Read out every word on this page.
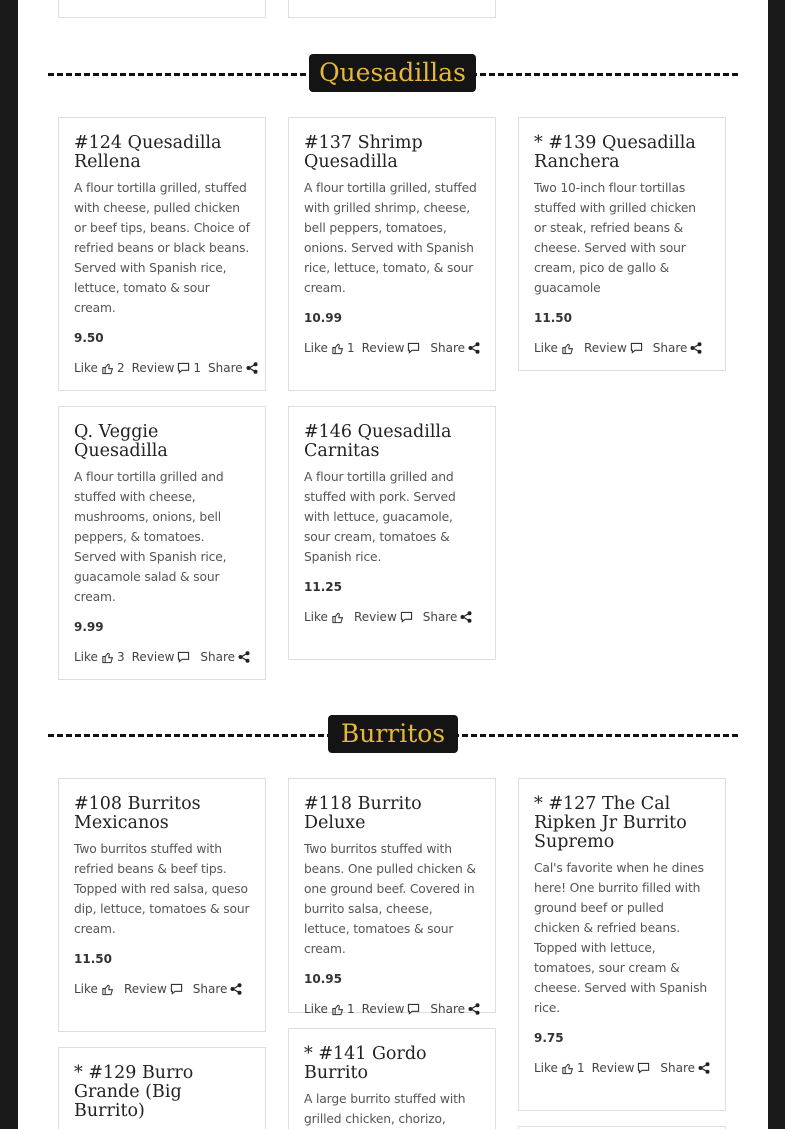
Quesadillas
#124 Quesadilla Rellena
A flour tortilla grilled, stuffed with cheese, pulled chicken or beef tips, beans. Choice of refried beans or black beans. Served with Spanish rice, lettuce, tomato & sour cream.
9.50
Like 2 Review 1 Share
#137 Shrimp Quesadilla
A flour tortilla grilled, stuffed with grilled shrimp, cheese, bell peppers, tomatoes, onions. Served with Spanish rice, lettuce, tomato, & sour cream.
10.99
Like 1 Review Share
* #139 Quesadilla Ranchera
Two 10-inch flour tortillas stuffed with grilled chicken or steak, refried beans & cheese. Served with sour cream, pico de gallo & guacamole
11.50
Like Review Share
Q. Veggie Quesadilla
A flour tortilla grilled and stuffed with cheese, mushrooms, onions, bell peppers, & tomatoes. Served with Spanish rice, guacamole salad & sour cream.
9.99
Like 3 Review Share
#146 Quesadilla Carnitas
A flour tortilla grilled and stuffed with pork. Served with lettuce, guacamole, sour cream, tomatoes & Spanish rice.
11.25
Like Review Share
Burritos
#108 Burritos Mexicanos
Two burritos stuffed with refried beans & beef tips. Topped with red salsa, queso dip, lettuce, tomatoes & sour cream.
11.50
Like Review Share
#118 Burrito Deluxe
Two burritos stuffed with beans. One pulled chicken & one ground beef. Covered in burrito salsa, cheese, lettuce, tomatoes & sour cream.
10.95
Like 1 Review Share
* #127 The Cal Ripken Jr Burrito Supremo
Cal's favorite when he dines here! One burrito filled with ground beef or pulled chicken & refried beans. Topped with lettuce, tomatoes, sour cream & cheese. Served with Spanish rice.
9.75
Like 1 Review Share
* #129 Burro Grande (Big Burrito)
* #141 Gordo Burrito
A large burrito stuffed with grilled chicken, chorizo,
